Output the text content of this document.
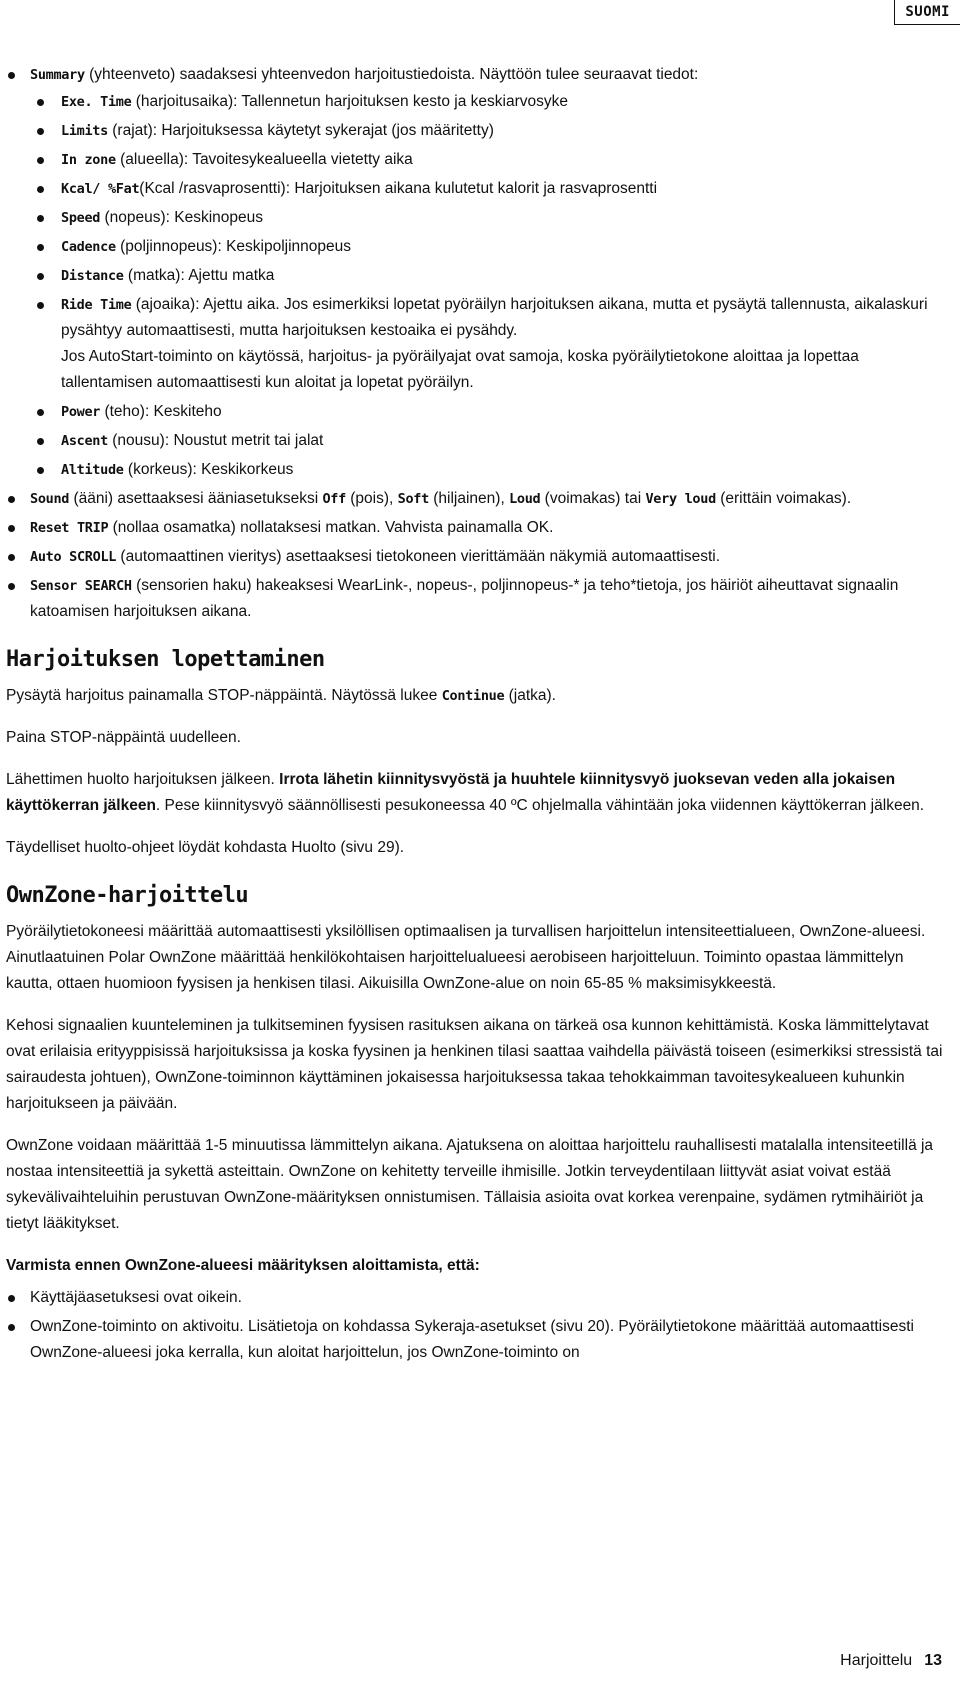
SUOMI
Summary (yhteenveto) saadaksesi yhteenvedon harjoitustiedoista. Näyttöön tulee seuraavat tiedot:
Exe. Time (harjoitusaika): Tallennetun harjoituksen kesto ja keskiarvosyke
Limits (rajat): Harjoituksessa käytetyt sykerajat (jos määritetty)
In zone (alueella): Tavoitesykealueella vietetty aika
Kcal/ %Fat(Kcal /rasvaprosentti): Harjoituksen aikana kulutetut kalorit ja rasvaprosentti
Speed (nopeus): Keskinopeus
Cadence (poljinnopeus): Keskipoljinnopeus
Distance (matka): Ajettu matka
Ride Time (ajoaika): Ajettu aika. Jos esimerkiksi lopetat pyöräilyn harjoituksen aikana, mutta et pysäytä tallennusta, aikalaskuri pysähtyy automaattisesti, mutta harjoituksen kestoaika ei pysähdy.

Jos AutoStart-toiminto on käytössä, harjoitus- ja pyöräilyajat ovat samoja, koska pyöräilytietokone aloittaa ja lopettaa tallentamisen automaattisesti kun aloitat ja lopetat pyöräilyn.

Power (teho): Keskiteho
Ascent (nousu): Noustut metrit tai jalat
Altitude (korkeus): Keskikorkeus
Sound (ääni) asettaaksesi ääniasetukseksi Off (pois), Soft (hiljainen), Loud (voimakas) tai Very loud (erittäin voimakas).
Reset TRIP (nollaa osamatka) nollataksesi matkan. Vahvista painamalla OK.
Auto SCROLL (automaattinen vieritys) asettaaksesi tietokoneen vierittämään näkymiä automaattisesti.
Sensor SEARCH (sensorien haku) hakeaksesi WearLink-, nopeus-, poljinnopeus-* ja teho*tietoja, jos häiriöt aiheuttavat signaalin katoamisen harjoituksen aikana.
Harjoituksen lopettaminen

Pysäytä harjoitus painamalla STOP-näppäintä. Näytössä lukee Continue (jatka).

Paina STOP-näppäintä uudelleen.

Lähettimen huolto harjoituksen jälkeen. Irrota lähetin kiinnitysvyöstä ja huuhtele kiinnitysvyö juoksevan veden alla jokaisen käyttökerran jälkeen. Pese kiinnitysvyö säännöllisesti pesukoneessa 40 ºC ohjelmalla vähintään joka viidennen käyttökerran jälkeen.

Täydelliset huolto-ohjeet löydät kohdasta Huolto (sivu 29).

OwnZone-harjoittelu

Pyöräilytietokoneesi määrittää automaattisesti yksilöllisen optimaalisen ja turvallisen harjoittelun intensiteettialueen, OwnZone-alueesi. Ainutlaatuinen Polar OwnZone määrittää henkilökohtaisen harjoittelualueesi aerobiseen harjoitteluun. Toiminto opastaa lämmittelyn kautta, ottaen huomioon fyysisen ja henkisen tilasi. Aikuisilla OwnZone-alue on noin 65-85 % maksimisykkeestä.

Kehosi signaalien kuunteleminen ja tulkitseminen fyysisen rasituksen aikana on tärkeä osa kunnon kehittämistä. Koska lämmittelytavat ovat erilaisia erityyppisissä harjoituksissa ja koska fyysinen ja henkinen tilasi saattaa vaihdella päivästä toiseen (esimerkiksi stressistä tai sairaudesta johtuen), OwnZone-toiminnon käyttäminen jokaisessa harjoituksessa takaa tehokkaimman tavoitesykealueen kuhunkin harjoitukseen ja päivään.

OwnZone voidaan määrittää 1-5 minuutissa lämmittelyn aikana. Ajatuksena on aloittaa harjoittelu rauhallisesti matalalla intensiteetillä ja nostaa intensiteettiä ja sykettä asteittain. OwnZone on kehitetty terveille ihmisille. Jotkin terveydentilaan liittyvät asiat voivat estää sykevälivaihteluihin perustuvan OwnZone-määrityksen onnistumisen. Tällaisia asioita ovat korkea verenpaine, sydämen rytmihäiriöt ja tietyt lääkitykset.

Varmista ennen OwnZone-alueesi määrityksen aloittamista, että:

Käyttäjäasetuksesi ovat oikein.
OwnZone-toiminto on aktivoitu. Lisätietoja on kohdassa Sykeraja-asetukset (sivu 20). Pyöräilytietokone määrittää automaattisesti OwnZone-alueesi joka kerralla, kun aloitat harjoittelun, jos OwnZone-toiminto on
Harjoittelu 13
